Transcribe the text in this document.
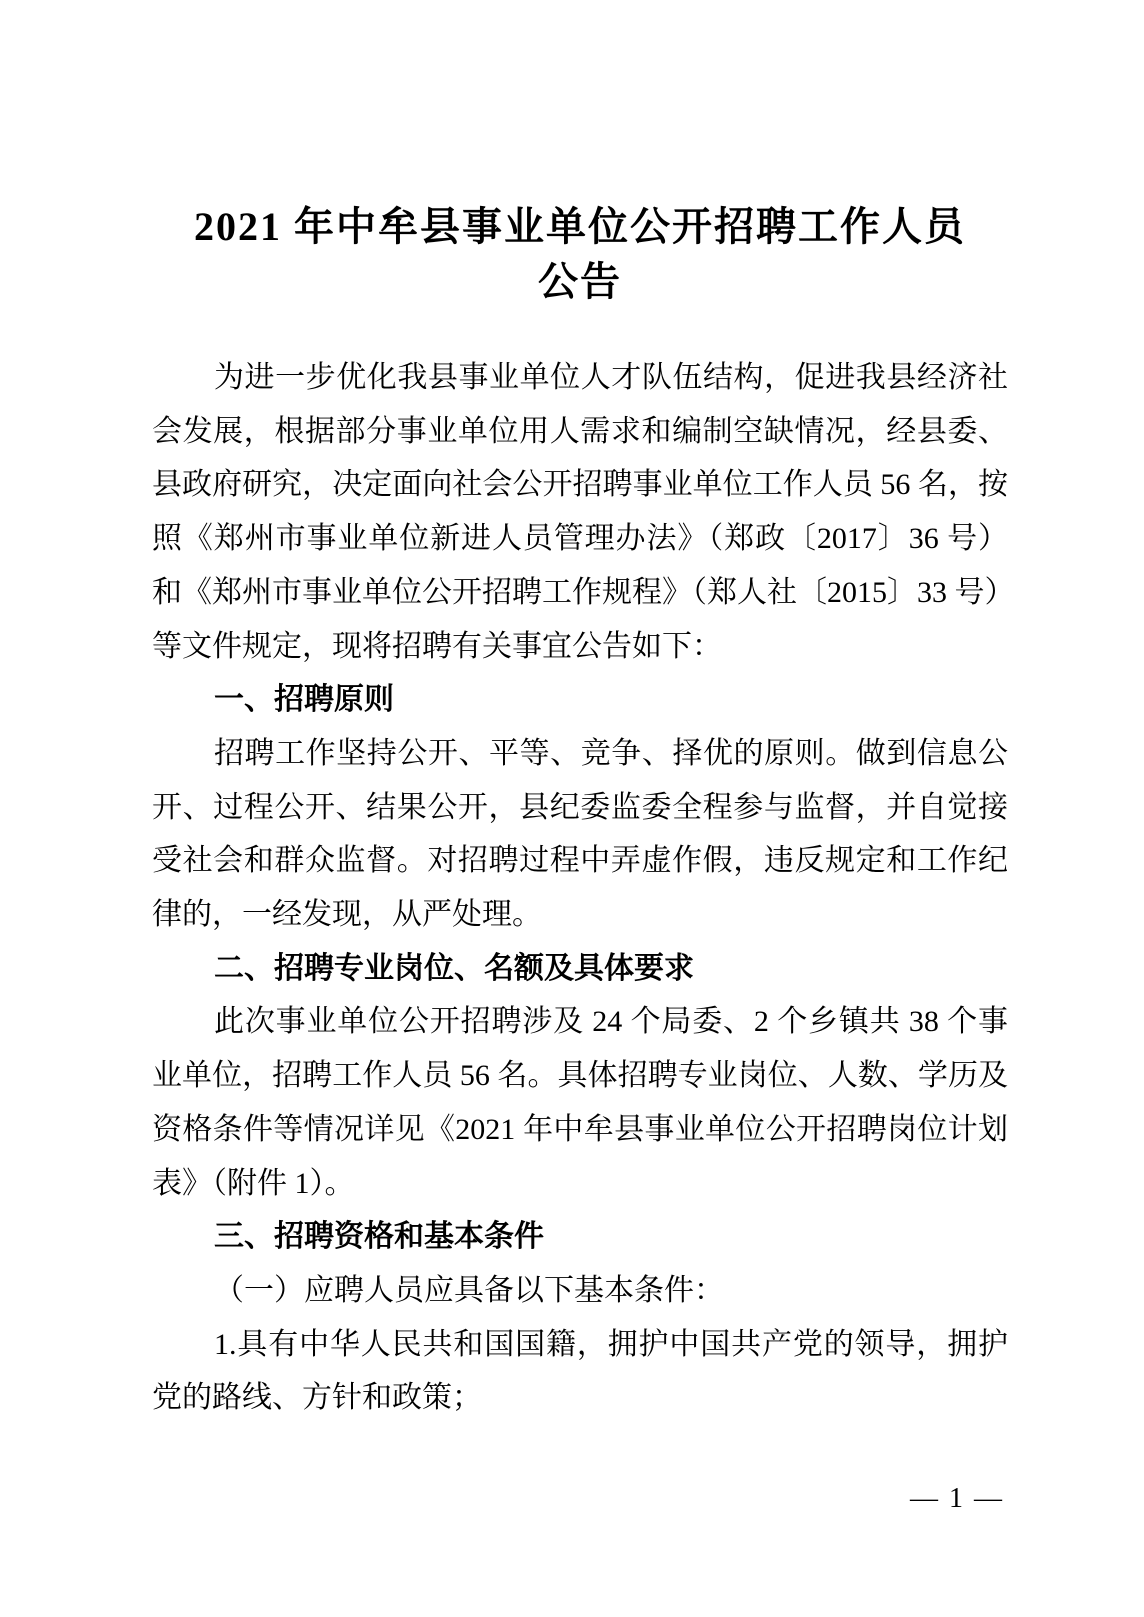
2021 年中牟县事业单位公开招聘工作人员
公告
为进一步优化我县事业单位人才队伍结构，促进我县经济社
会发展，根据部分事业单位用人需求和编制空缺情况，经县委、
县政府研究，决定面向社会公开招聘事业单位工作人员 56 名，按
照《郑州市事业单位新进人员管理办法》（郑政〔2017〕36 号）
和《郑州市事业单位公开招聘工作规程》（郑人社〔2015〕33 号）
等文件规定，现将招聘有关事宜公告如下：
一、招聘原则
招聘工作坚持公开、平等、竞争、择优的原则。做到信息公
开、过程公开、结果公开，县纪委监委全程参与监督，并自觉接
受社会和群众监督。对招聘过程中弄虚作假，违反规定和工作纪
律的，一经发现，从严处理。
二、招聘专业岗位、名额及具体要求
此次事业单位公开招聘涉及 24 个局委、2 个乡镇共 38 个事
业单位，招聘工作人员 56 名。具体招聘专业岗位、人数、学历及
资格条件等情况详见《2021 年中牟县事业单位公开招聘岗位计划
表》（附件 1）。
三、招聘资格和基本条件
（一）应聘人员应具备以下基本条件：
1.具有中华人民共和国国籍，拥护中国共产党的领导，拥护
党的路线、方针和政策；
— 1 —
